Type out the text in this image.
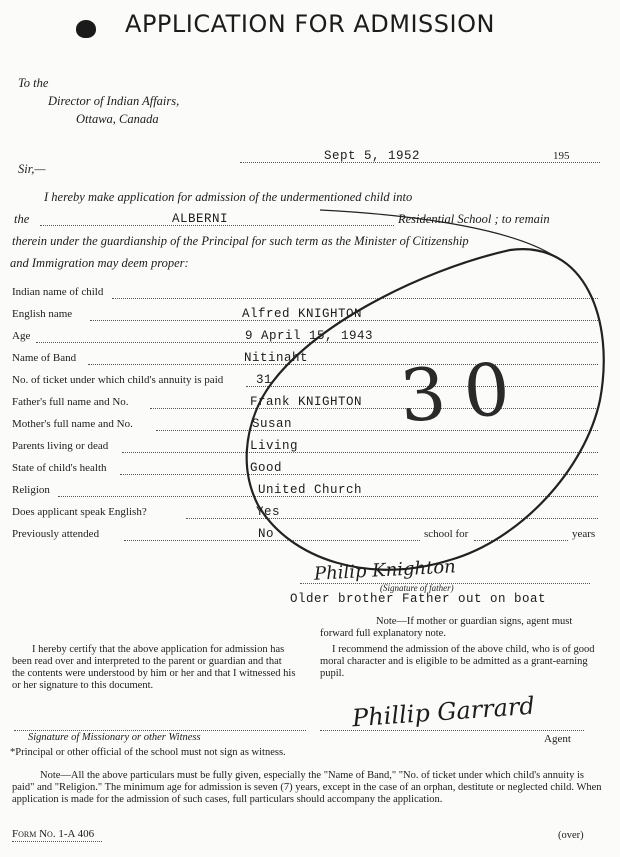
APPLICATION FOR ADMISSION
To the
Director of Indian Affairs,
Ottawa, Canada
Sept 5, 1952	195
Sir,—
I hereby make application for admission of the undermentioned child into
the	ALBERNI	Residential School ; to remain
therein under the guardianship of the Principal for such term as the Minister of Citizenship
and Immigration may deem proper:
Indian name of child
English name	Alfred KNIGHTON
Age	9 April 15, 1943
Name of Band	Nitinaht
No. of ticket under which child's annuity is paid	31
Father's full name and No.	Frank KNIGHTON
Mother's full name and No.	Susan
Parents living or dead	Living
State of child's health	Good
Religion	United Church
Does applicant speak English?	Yes
Previously attended	No	school for	years
30
Philip Knighton
(Signature of father)
Older brother Father out on boat
Note—If mother or guardian signs, agent must forward full explanatory note.
I hereby certify that the above application for admission has been read over and interpreted to the parent or guardian and that the contents were understood by him or her and that I witnessed his or her signature to this document.
I recommend the admission of the above child, who is of good moral character and is eligible to be admitted as a grant-earning pupil.
Phillip Garrard
Agent
Signature of Missionary or other Witness
*Principal or other official of the school must not sign as witness.
Note—All the above particulars must be fully given, especially the "Name of Band," "No. of ticket under which child's annuity is paid" and "Religion." The minimum age for admission is seven (7) years, except in the case of an orphan, destitute or neglected child. When application is made for the admission of such cases, full particulars should accompany the application.
Form No. 1-A 406	(over)
